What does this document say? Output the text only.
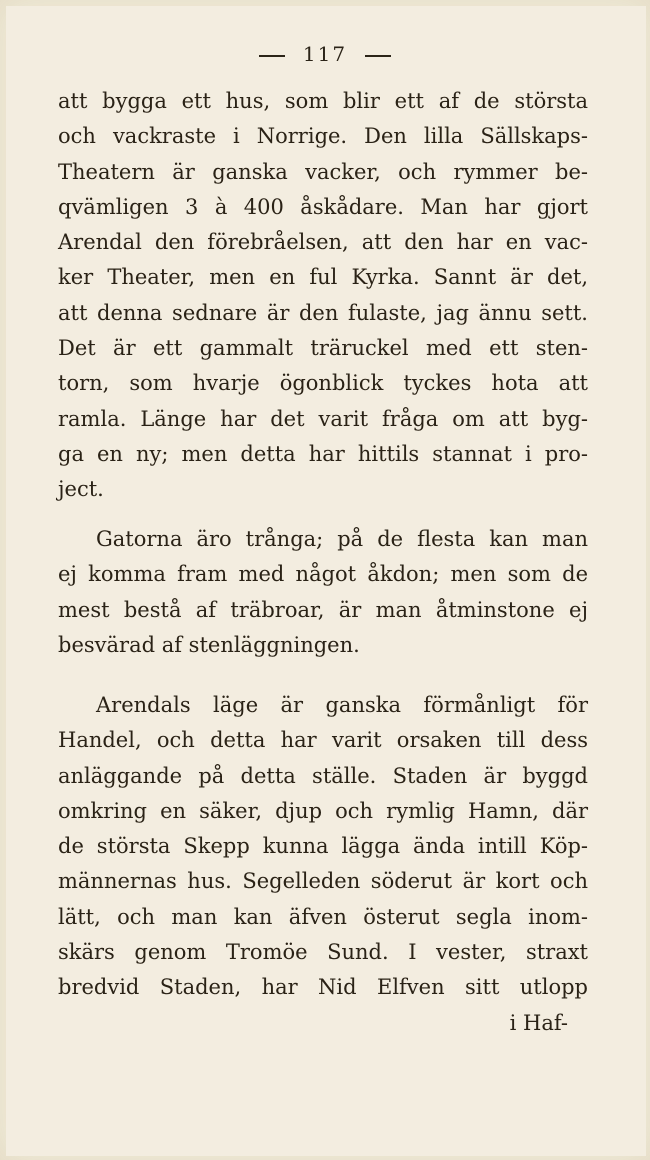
117
att bygga ett hus, som blir ett af de största
och vackraste i Norrige. Den lilla Sällskaps-
Theatern är ganska vacker, och rymmer be-
qvämligen 3 à 400 åskådare. Man har gjort
Arendal den förebråelsen, att den har en vac-
ker Theater, men en ful Kyrka. Sannt är det,
att denna sednare är den fulaste, jag ännu sett.
Det är ett gammalt träruckel med ett sten-
torn, som hvarje ögonblick tyckes hota att
ramla. Länge har det varit fråga om att byg-
ga en ny; men detta har hittils stannat i pro-
ject.
Gatorna äro trånga; på de flesta kan man
ej komma fram med något åkdon; men som de
mest bestå af träbroar, är man åtminstone ej
besvärad af stenläggningen.
Arendals läge är ganska förmånligt för
Handel, och detta har varit orsaken till dess
anläggande på detta ställe. Staden är byggd
omkring en säker, djup och rymlig Hamn, där
de största Skepp kunna lägga ända intill Köp-
männernas hus. Segelleden söderut är kort och
lätt, och man kan äfven österut segla inom-
skärs genom Tromöe Sund. I vester, straxt
bredvid Staden, har Nid Elfven sitt utlopp
i Haf-
